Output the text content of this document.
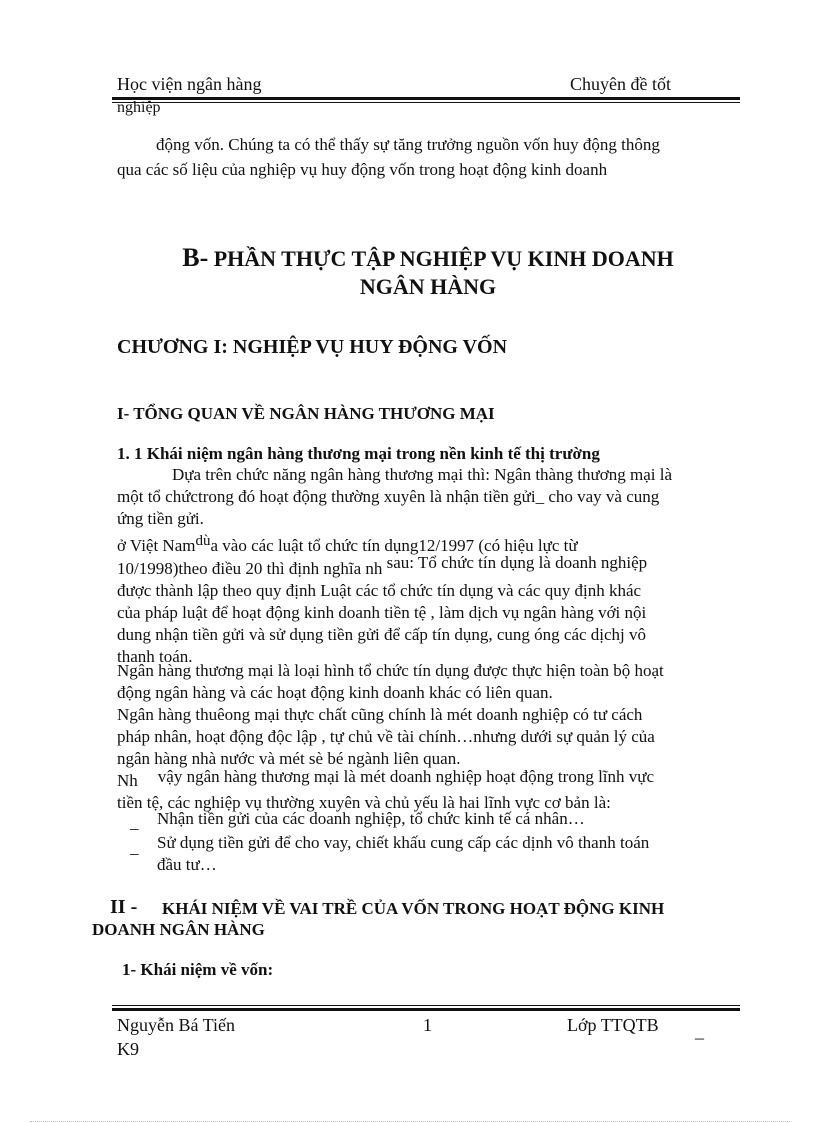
Học viện ngân hàng	Chuyên đề tốt
nghiệp
động vốn. Chúng ta có thể thấy sự tăng trưởng nguồn vốn huy động thông
qua các số liệu của nghiệp vụ huy động vốn trong hoạt động kinh doanh
B- PHẦN THỰC TẬP NGHIỆP VỤ KINH DOANH
NGÂN HÀNG
CHƯƠNG I: NGHIỆP VỤ HUY ĐỘNG VỐN
I- TỔNG QUAN VỀ NGÂN HÀNG THƯƠNG MẠI
1. 1 Khái niệm ngân hàng thương mại trong nền kinh tế thị trường
Dựa trên chức năng ngân hàng thương mại thì: Ngân thàng thương mại là
một tổ chứctrong đó hoạt động thường xuyên là nhận tiền gửi_ cho vay và cung
ứng tiền gửi.
ở Việt Namdùa vào các luật tổ chức tín dụng12/1997 (có hiệu lực từ
10/1998)theo điều 20 thì định nghĩa nh sau: Tổ chức tín dụng là doanh nghiệp
được thành lập theo quy định Luật các tổ chức tín dụng và các quy định khác
của pháp luật để hoạt động kinh doanh tiền tệ , làm dịch vụ ngân hàng với nội
dung nhận tiền gửi và sử dụng tiền gửi để cấp tín dụng, cung óng các dịchj vô
thanh toán.
Ngân hàng thương mại là loại hình tổ chức tín dụng được thực hiện toàn bộ hoạt
động ngân hàng và các hoạt động kinh doanh khác có liên quan.
Ngân hàng thuêong mại thực chất cũng chính là mét doanh nghiệp có tư cách
pháp nhân, hoạt động độc lập , tự chủ về tài chính…nhưng dưới sự quản lý của
ngân hàng nhà nước và mét sè bé ngành liên quan.
Nh vậy ngân hàng thương mại là mét doanh nghiệp hoạt động trong lĩnh vực
tiền tệ, các nghiệp vụ thường xuyên và chủ yếu là hai lĩnh vực cơ bản là:
_ Nhận tiền gửi của các doanh nghiệp, tổ chức kinh tế cá nhân…
_ Sử dụng tiền gửi để cho vay, chiết khấu cung cấp các dịnh vô thanh toán
đầu tư…
II - KHÁI NIỆM VỀ VAI TRỀ CỦA VỐN TRONG HOẠT ĐỘNG KINH
DOANH NGÂN HÀNG
1- Khái niệm về vốn:
Nguyễn Bá Tiến	1	Lớp TTQTB _
K9
